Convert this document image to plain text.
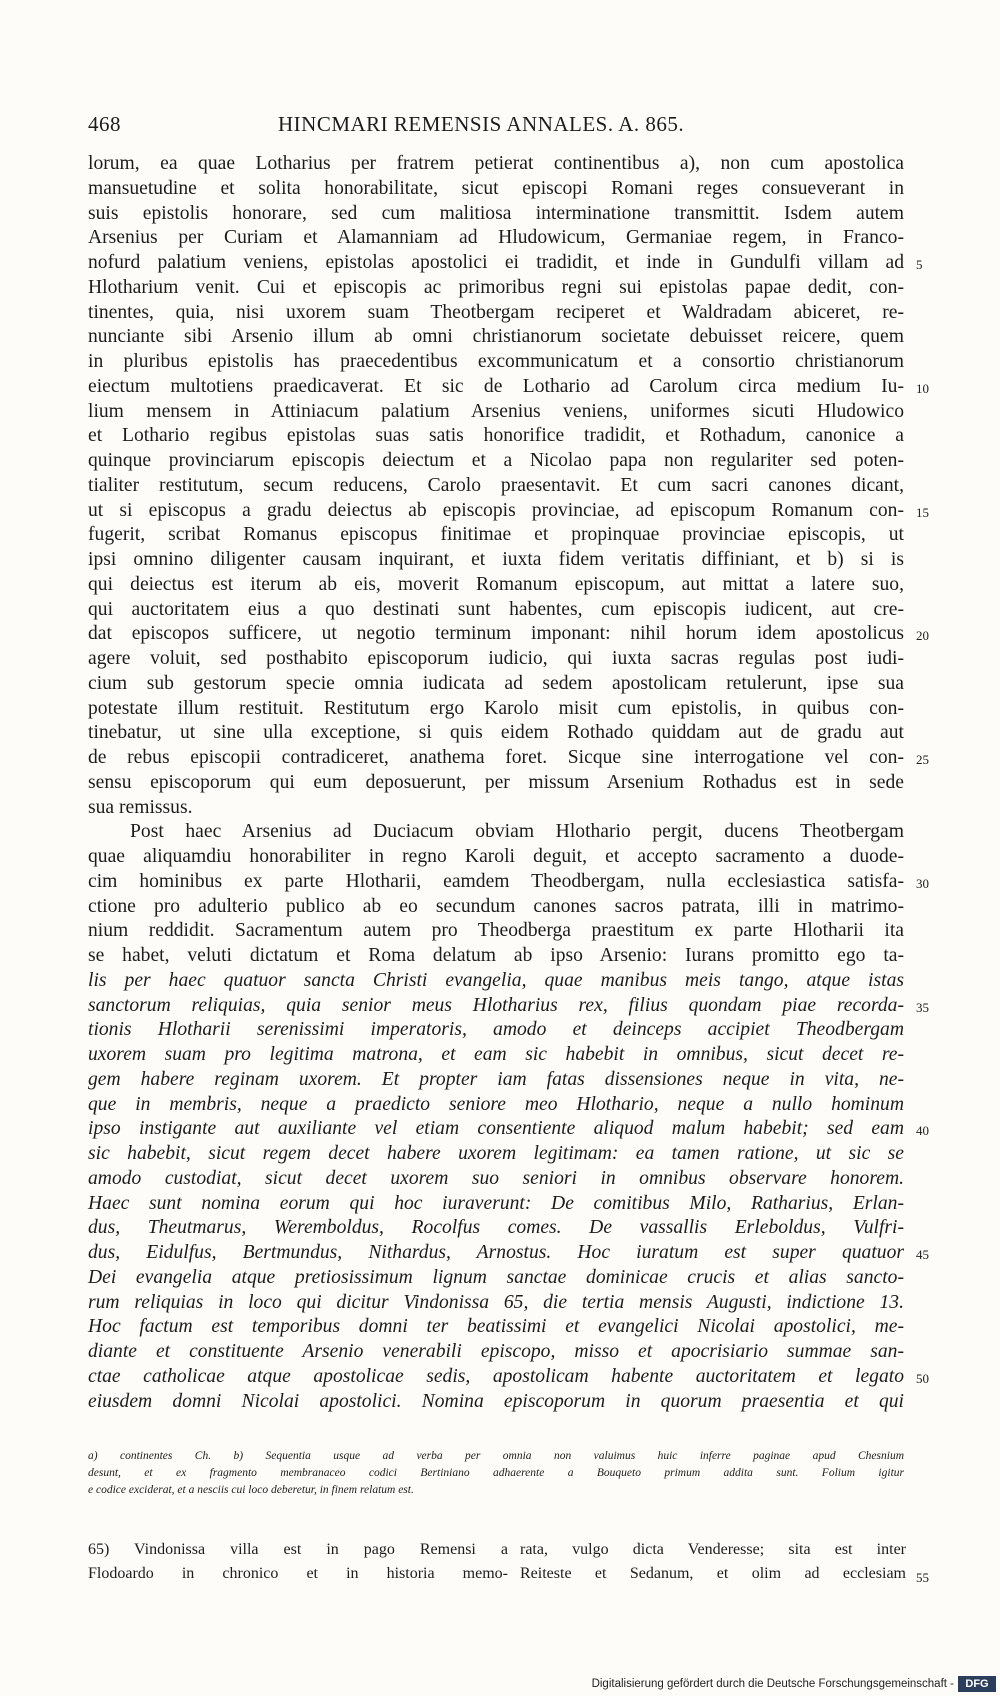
468	HINCMARI REMENSIS ANNALES. A. 865.
lorum, ea quae Lotharius per fratrem petierat continentibus a), non cum apostolica
mansuetudine et solita honorabilitate, sicut episcopi Romani reges consueverant in
suis epistolis honorare, sed cum malitiosa interminatione transmittit. Isdem autem
Arsenius per Curiam et Alamanniam ad Hludowicum, Germaniae regem, in Franco-
nofurd palatium veniens, epistolas apostolici ei tradidit, et inde in Gundulfi villam ad 5
Hlotharium venit. Cui et episcopis ac primoribus regni sui epistolas papae dedit, con-
tinentes, quia, nisi uxorem suam Theotbergam reciperet et Waldradam abiceret, re-
nunciante sibi Arsenio illum ab omni christianorum societate debuisset reicere, quem
in pluribus epistolis has praecedentibus excommunicatum et a consortio christianorum
eiectum multotiens praedicaverat. Et sic de Lothario ad Carolum circa medium Iu- 10
lium mensem in Attiniacum palatium Arsenius veniens, uniformes sicuti Hludowico
et Lothario regibus epistolas suas satis honorifice tradidit, et Rothadum, canonice a
quinque provinciarum episcopis deiectum et a Nicolao papa non regulariter sed poten-
tialiter restitutum, secum reducens, Carolo praesentavit. Et cum sacri canones dicant,
ut si episcopus a gradu deiectus ab episcopis provinciae, ad episcopum Romanum con- 15
fugerit, scribat Romanus episcopus finitimae et propinquae provinciae episcopis, ut
ipsi omnino diligenter causam inquirant, et iuxta fidem veritatis diffiniant, et b) si is
qui deiectus est iterum ab eis, moverit Romanum episcopum, aut mittat a latere suo,
qui auctoritatem eius a quo destinati sunt habentes, cum episcopis iudicent, aut cre-
dat episcopos sufficere, ut negotio terminum imponant: nihil horum idem apostolicus 20
agere voluit, sed posthabito episcoporum iudicio, qui iuxta sacras regulas post iudi-
cium sub gestorum specie omnia iudicata ad sedem apostolicam retulerunt, ipse sua
potestate illum restituit. Restitutum ergo Karolo misit cum epistolis, in quibus con-
tinebatur, ut sine ulla exceptione, si quis eidem Rothado quiddam aut de gradu aut
de rebus episcopii contradiceret, anathema foret. Sicque sine interrogatione vel con- 25
sensu episcoporum qui eum deposuerunt, per missum Arsenium Rothadus est in sede
sua remissus.
Post haec Arsenius ad Duciacum obviam Hlothario pergit, ducens Theotbergam
quae aliquamdiu honorabiliter in regno Karoli deguit, et accepto sacramento a duode-
cim hominibus ex parte Hlotharii, eamdem Theodbergam, nulla ecclesiastica satisfa- 30
ctione pro adulterio publico ab eo secundum canones sacros patrata, illi in matrimo-
nium reddidit. Sacramentum autem pro Theodberga praestitum ex parte Hlotharii ita
se habet, veluti dictatum et Roma delatum ab ipso Arsenio: Iurans promitto ego ta-
lis per haec quatuor sancta Christi evangelia, quae manibus meis tango, atque istas
sanctorum reliquias, quia senior meus Hlotharius rex, filius quondam piae recorda- 35
tionis Hlotharii serenissimi imperatoris, amodo et deinceps accipiet Theodbergam
uxorem suam pro legitima matrona, et eam sic habebit in omnibus, sicut decet re-
gem habere reginam uxorem. Et propter iam fatas dissensiones neque in vita, ne-
que in membris, neque a praedicto seniore meo Hlothario, neque a nullo hominum
ipso instigante aut auxiliante vel etiam consentiente aliquod malum habebit; sed eam 40
sic habebit, sicut regem decet habere uxorem legitimam: ea tamen ratione, ut sic se
amodo custodiat, sicut decet uxorem suo seniori in omnibus observare honorem.
Haec sunt nomina eorum qui hoc iuraverunt: De comitibus Milo, Ratharius, Erlan-
dus, Theutmarus, Weremboldus, Rocolfus comes. De vassallis Erleboldus, Vulfri-
dus, Eidulfus, Bertmundus, Nithardus, Arnostus. Hoc iuratum est super quatuor 45
Dei evangelia atque pretiosissimum lignum sanctae dominicae crucis et alias sancto-
rum reliquias in loco qui dicitur Vindonissa 65, die tertia mensis Augusti, indictione 13.
Hoc factum est temporibus domni ter beatissimi et evangelici Nicolai apostolici, me-
diante et constituente Arsenio venerabili episcopo, misso et apocrisiario summae san-
ctae catholicae atque apostolicae sedis, apostolicam habente auctoritatem et legato 50
eiusdem domni Nicolai apostolici. Nomina episcoporum in quorum praesentia et qui
a) continentes Ch. b) Sequentia usque ad verba per omnia non valuimus huic inferre paginae apud Chesnium
desunt, et ex fragmento membranaceo codici Bertiniano adhaerente a Bouqueto primum addita sunt. Folium igitur
e codice exciderat, et a nesciis cui loco deberetur, in finem relatum est.
65) Vindonissa villa est in pago Remensi a
Flodoardo in chronico et in historia memo-
rata, vulgo dicta Venderesse; sita est inter
Reiteste et Sedanum, et olim ad ecclesiam 55
Digitalisierung gefördert durch die Deutsche Forschungsgemeinschaft -	DFG
